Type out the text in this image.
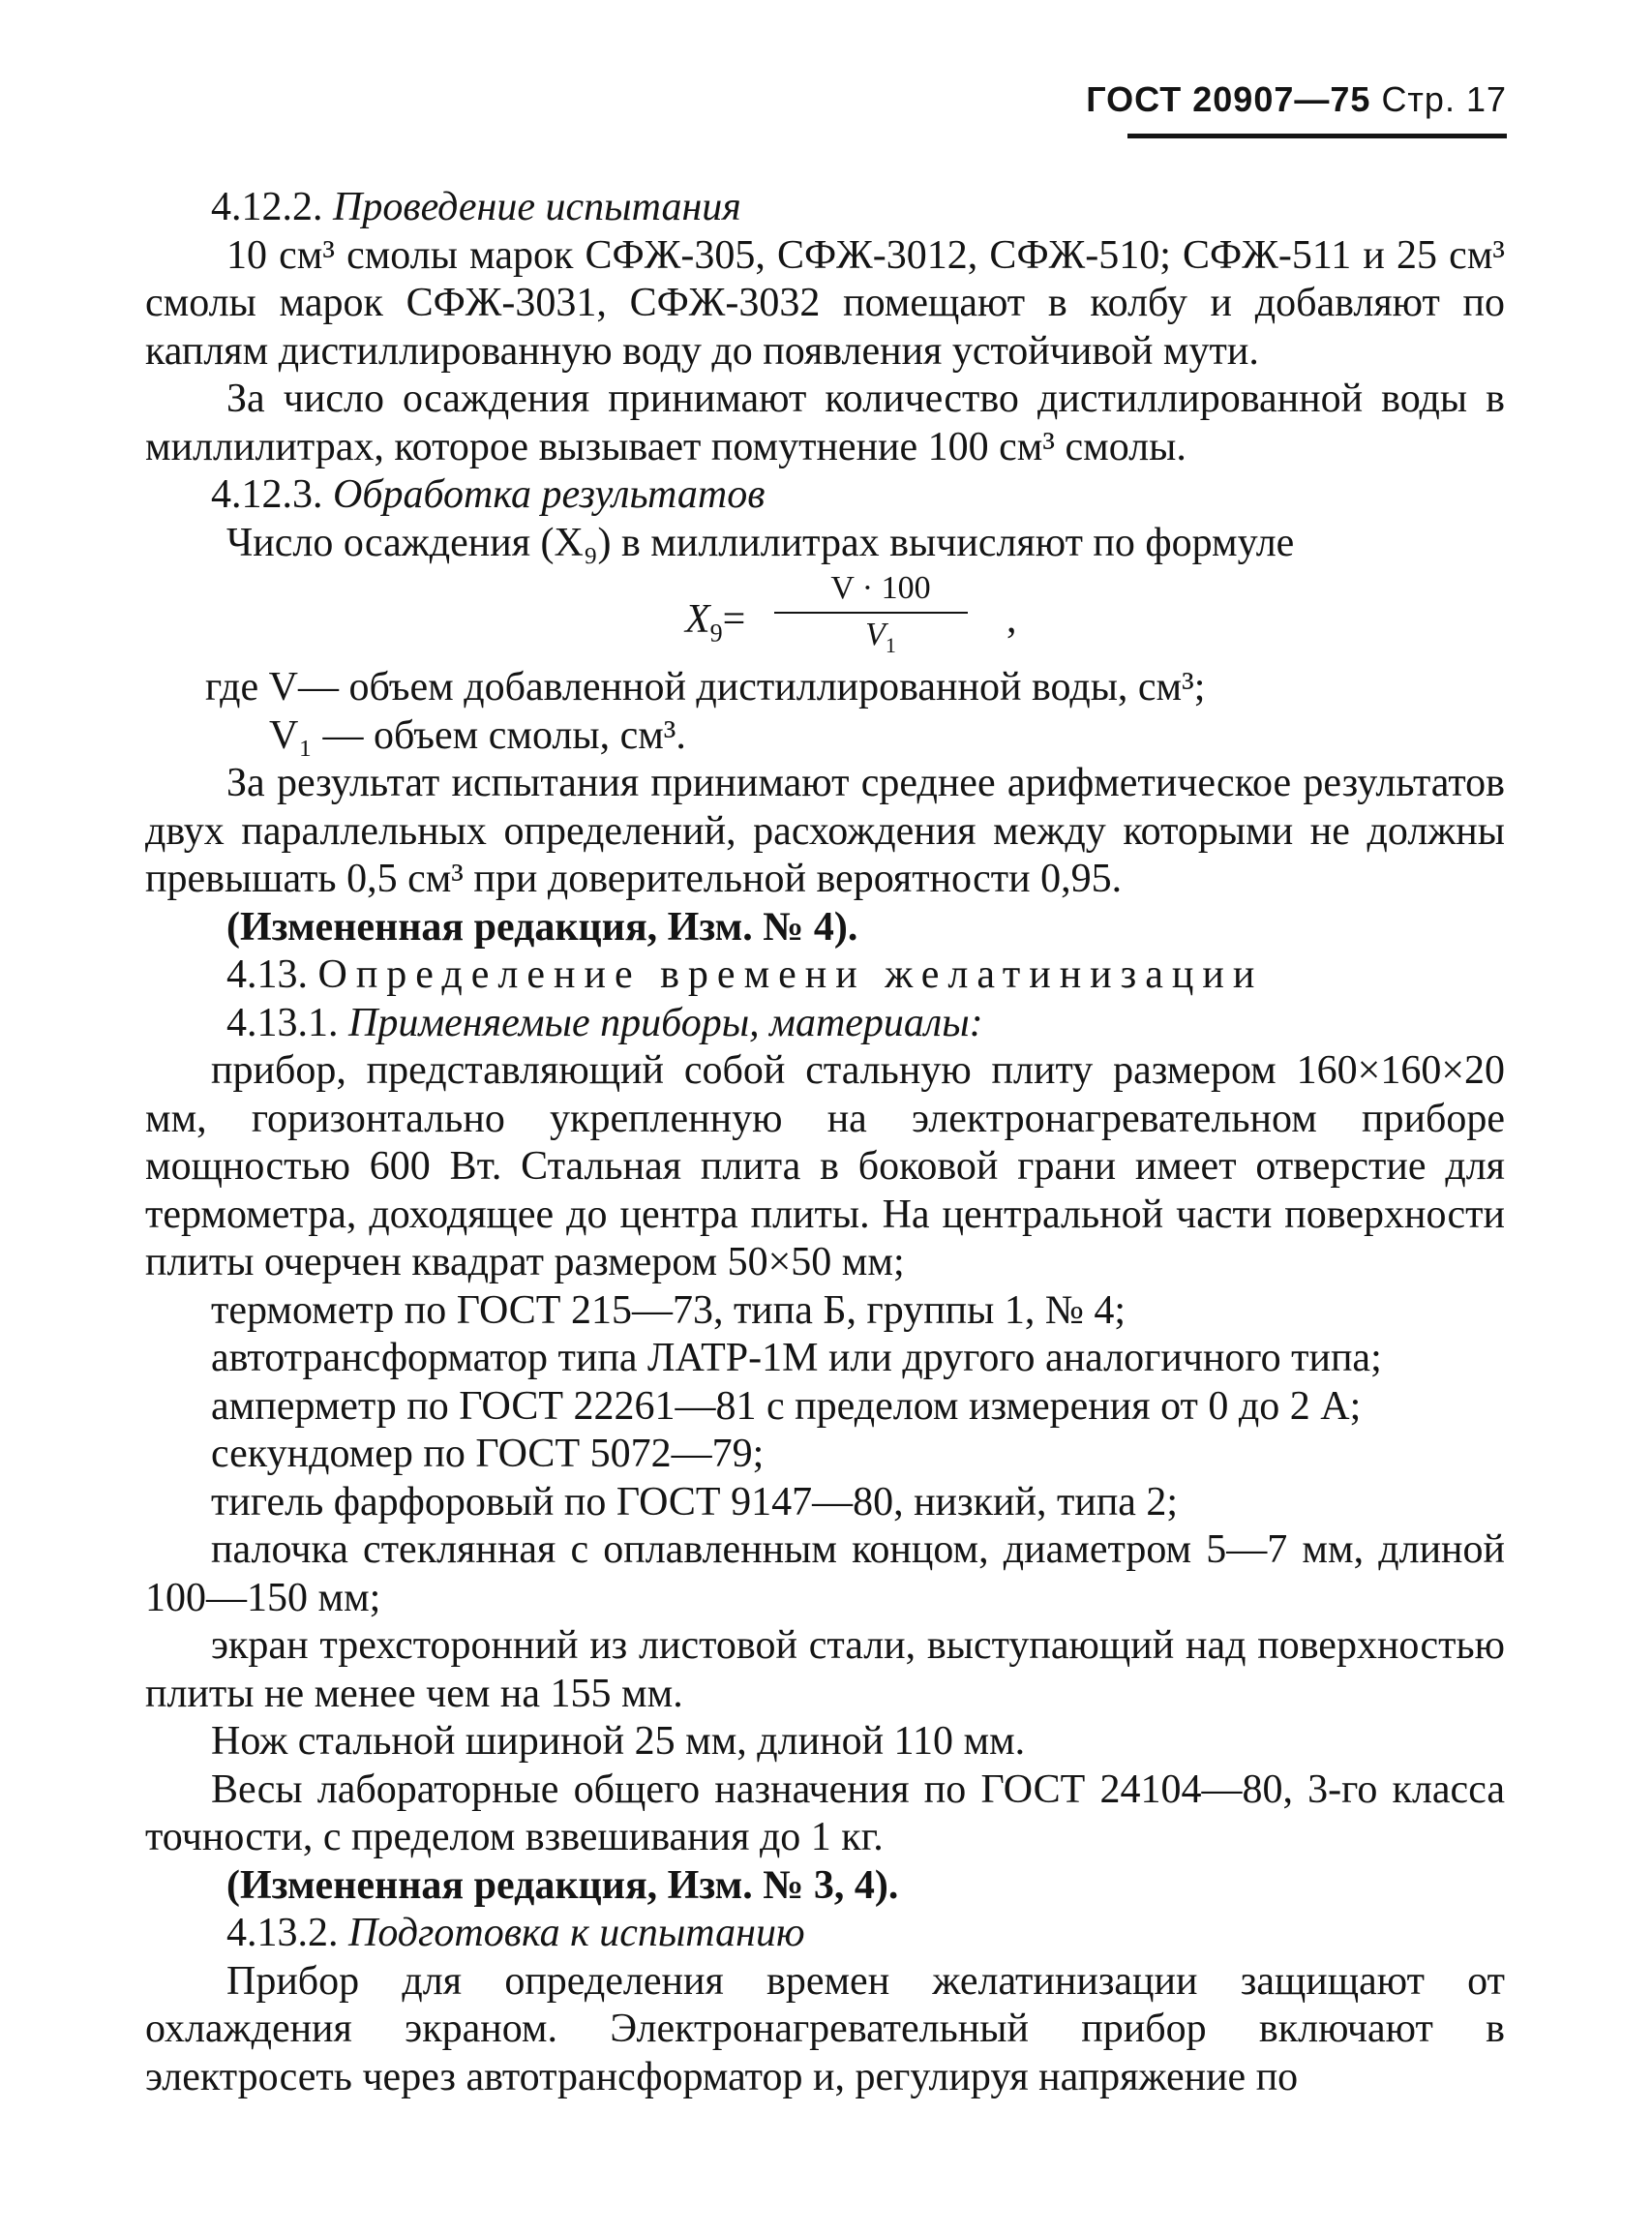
ГОСТ 20907—75 Стр. 17

4.12.2. Проведение испытания

10 см³ смолы марок СФЖ-305, СФЖ-3012, СФЖ-510; СФЖ-511 и 25 см³ смолы марок СФЖ-3031, СФЖ-3032 помещают в колбу и добавляют по каплям дистиллированную воду до появления устойчивой мути.

За число осаждения принимают количество дистиллированной воды в миллилитрах, которое вызывает помутнение 100 см³ смолы.

4.12.3. Обработка результатов

Число осаждения (X₉) в миллилитрах вычисляют по формуле

$X_9=$
V · 100
$V_1$
,

где V— объем добавленной дистиллированной воды, см³;

V₁ — объем смолы, см³.

За результат испытания принимают среднее арифметическое результатов двух параллельных определений, расхождения между которыми не должны превышать 0,5 см³ при доверительной вероятности 0,95.

(Измененная редакция, Изм. № 4).

4.13. Определение времени желатинизации

4.13.1. Применяемые приборы, материалы:

прибор, представляющий собой стальную плиту размером 160×160×20 мм, горизонтально укрепленную на электронагревательном приборе мощностью 600 Вт. Стальная плита в боковой грани имеет отверстие для термометра, доходящее до центра плиты. На центральной части поверхности плиты очерчен квадрат размером 50×50 мм;

термометр по ГОСТ 215—73, типа Б, группы 1, № 4;

автотрансформатор типа ЛАТР-1М или другого аналогичного типа;

амперметр по ГОСТ 22261—81 с пределом измерения от 0 до 2 А;

секундомер по ГОСТ 5072—79;

тигель фарфоровый по ГОСТ 9147—80, низкий, типа 2;

палочка стеклянная с оплавленным концом, диаметром 5—7 мм, длиной 100—150 мм;

экран трехсторонний из листовой стали, выступающий над поверхностью плиты не менее чем на 155 мм.

Нож стальной шириной 25 мм, длиной 110 мм.

Весы лабораторные общего назначения по ГОСТ 24104—80, 3-го класса точности, с пределом взвешивания до 1 кг.

(Измененная редакция, Изм. № 3, 4).

4.13.2. Подготовка к испытанию

Прибор для определения времен желатинизации защищают от охлаждения экраном. Электронагревательный прибор включают в электросеть через автотрансформатор и, регулируя напряжение по
